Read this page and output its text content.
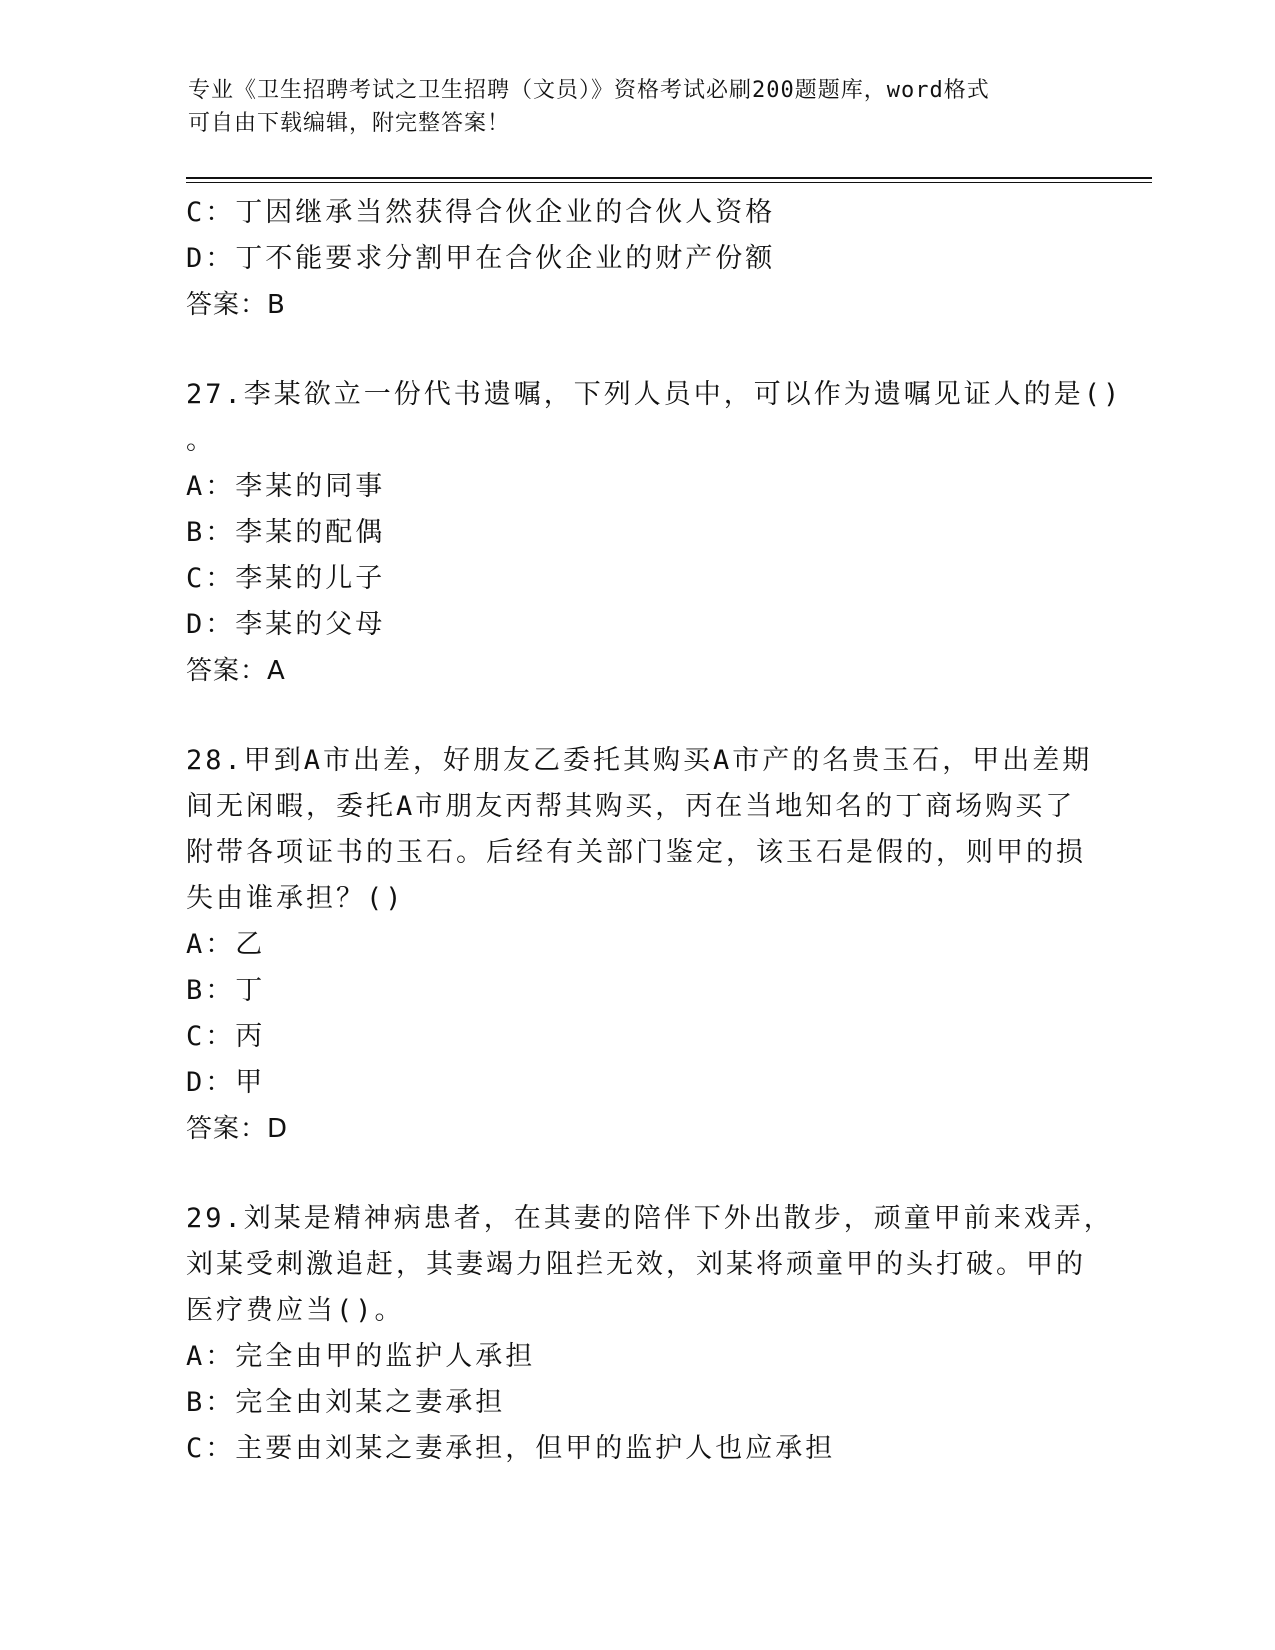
专业《卫生招聘考试之卫生招聘（文员）》资格考试必刷200题题库，word格式
可自由下载编辑，附完整答案！
C：丁因继承当然获得合伙企业的合伙人资格
D：丁不能要求分割甲在合伙企业的财产份额
答案：B
27.李某欲立一份代书遗嘱，下列人员中，可以作为遗嘱见证人的是()
。
A：李某的同事
B：李某的配偶
C：李某的儿子
D：李某的父母
答案：A
28.甲到A市出差，好朋友乙委托其购买A市产的名贵玉石，甲出差期
间无闲暇，委托A市朋友丙帮其购买，丙在当地知名的丁商场购买了
附带各项证书的玉石。后经有关部门鉴定，该玉石是假的，则甲的损
失由谁承担？()
A：乙
B：丁
C：丙
D：甲
答案：D
29.刘某是精神病患者，在其妻的陪伴下外出散步，顽童甲前来戏弄，
刘某受刺激追赶，其妻竭力阻拦无效，刘某将顽童甲的头打破。甲的
医疗费应当()。
A：完全由甲的监护人承担
B：完全由刘某之妻承担
C：主要由刘某之妻承担，但甲的监护人也应承担
